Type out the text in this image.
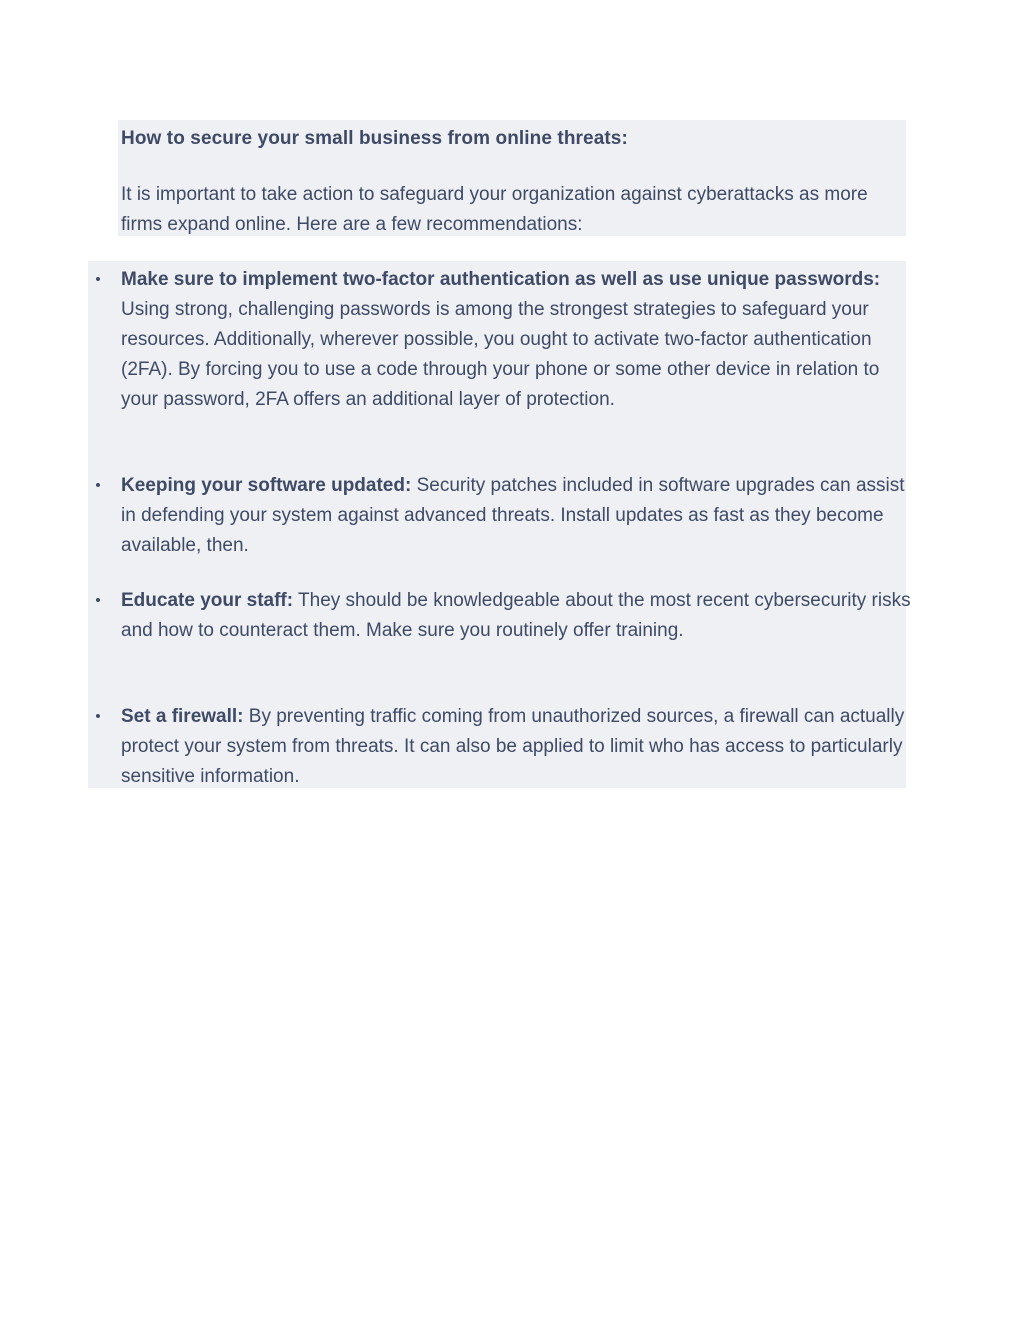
How to secure your small business from online threats:

It is important to take action to safeguard your organization against cyberattacks as more firms expand online. Here are a few recommendations:

•	Make sure to implement two-factor authentication as well as use unique passwords: Using strong, challenging passwords is among the strongest strategies to safeguard your resources. Additionally, wherever possible, you ought to activate two-factor authentication (2FA). By forcing you to use a code through your phone or some other device in relation to your password, 2FA offers an additional layer of protection.

•	Keeping your software updated: Security patches included in software upgrades can assist in defending your system against advanced threats. Install updates as fast as they become available, then.

•	Educate your staff: They should be knowledgeable about the most recent cybersecurity risks and how to counteract them. Make sure you routinely offer training.

•	Set a firewall: By preventing traffic coming from unauthorized sources, a firewall can actually protect your system from threats. It can also be applied to limit who has access to particularly sensitive information.
